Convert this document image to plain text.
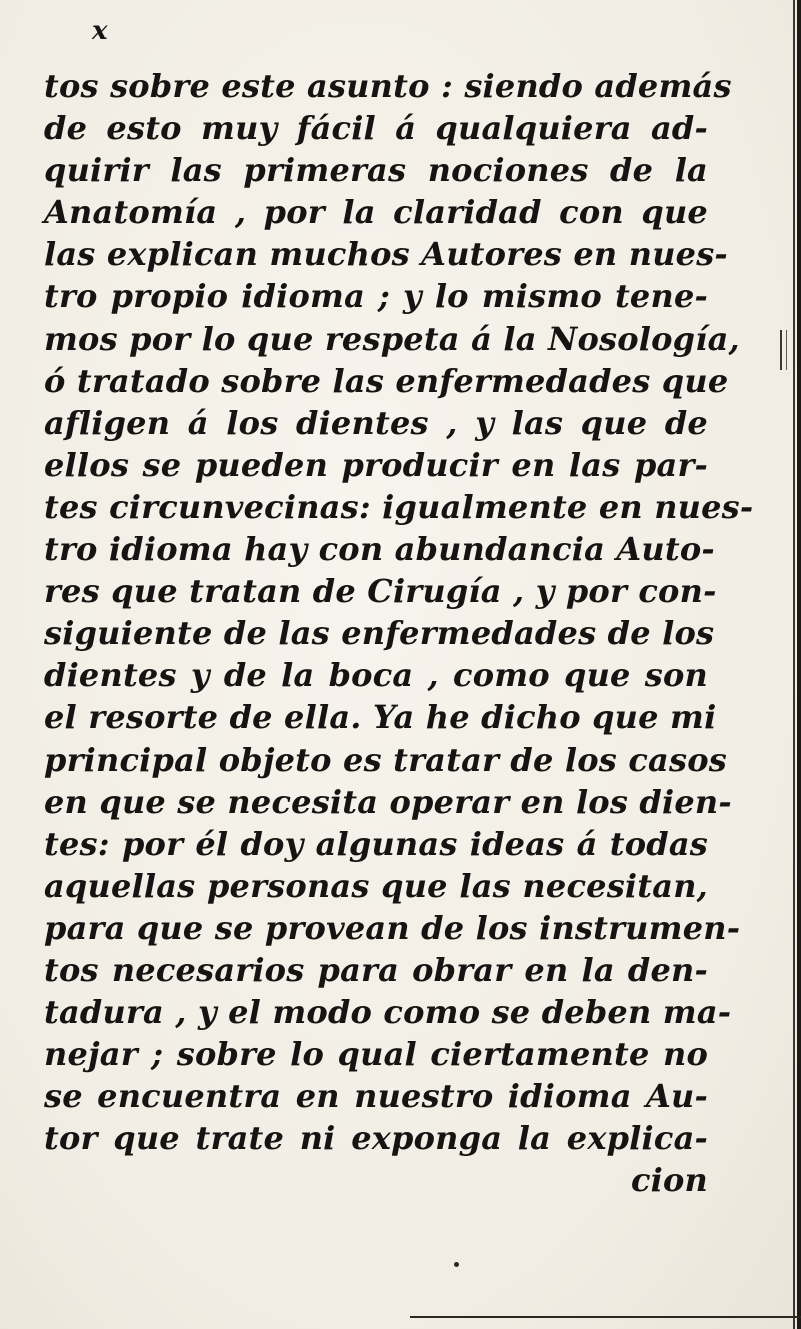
x
tos sobre este asunto : siendo además
de esto muy fácil á qualquiera ad-
quirir las primeras nociones de la
Anatomía , por la claridad con que
las explican muchos Autores en nues-
tro propio idioma ; y lo mismo tene-
mos por lo que respeta á la Nosología,
ó tratado sobre las enfermedades que
afligen á los dientes , y las que de
ellos se pueden producir en las par-
tes circunvecinas: igualmente en nues-
tro idioma hay con abundancia Auto-
res que tratan de Cirugía , y por con-
siguiente de las enfermedades de los
dientes y de la boca , como que son
el resorte de ella. Ya he dicho que mi
principal objeto es tratar de los casos
en que se necesita operar en los dien-
tes: por él doy algunas ideas á todas
aquellas personas que las necesitan,
para que se provean de los instrumen-
tos necesarios para obrar en la den-
tadura , y el modo como se deben ma-
nejar ; sobre lo qual ciertamente no
se encuentra en nuestro idioma Au-
tor que trate ni exponga la explica-
cion
